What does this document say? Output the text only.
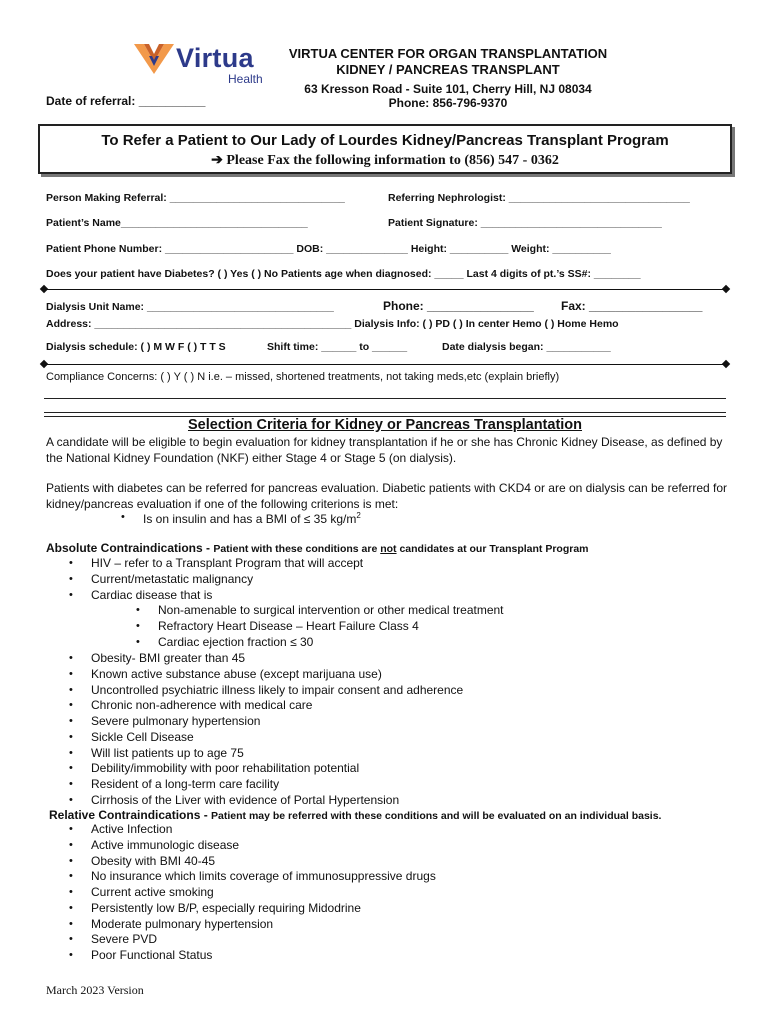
Virtua
Health
Date of referral: __________
VIRTUA CENTER FOR ORGAN TRANSPLANTATION
KIDNEY / PANCREAS TRANSPLANT
63 Kresson Road - Suite 101, Cherry Hill, NJ 08034
Phone: 856-796-9370
To Refer a Patient to Our Lady of Lourdes Kidney/Pancreas Transplant Program
➔ Please Fax the following information to (856) 547 - 0362
Person Making Referral: ______________________________	Referring Nephrologist: _______________________________
Patient’s Name________________________________	Patient Signature: _______________________________
Patient Phone Number: ______________________ DOB: ______________ Height: __________ Weight: __________
Does your patient have Diabetes? ( ) Yes ( ) No Patients age when diagnosed: _____ Last 4 digits of pt.’s SS#: ________
Dialysis Unit Name: ________________________________	Phone: ________________ Fax: _________________
Address: ____________________________________________ Dialysis Info: ( ) PD ( ) In center Hemo ( ) Home Hemo
Dialysis schedule: ( ) M W F ( ) T T S	Shift time: ______ to ______	Date dialysis began: ___________
Compliance Concerns: ( ) Y ( ) N i.e. – missed, shortened treatments, not taking meds,etc (explain briefly)
Selection Criteria for Kidney or Pancreas Transplantation
A candidate will be eligible to begin evaluation for kidney transplantation if he or she has Chronic Kidney Disease, as defined by the National Kidney Foundation (NKF) either Stage 4 or Stage 5 (on dialysis).
Patients with diabetes can be referred for pancreas evaluation. Diabetic patients with CKD4 or are on dialysis can be referred for kidney/pancreas evaluation if one of the following criterions is met:
• Is on insulin and has a BMI of ≤ 35 $kg/m^2$
Absolute Contraindications - Patient with these conditions are not candidates at our Transplant Program
• HIV – refer to a Transplant Program that will accept
• Current/metastatic malignancy
• Cardiac disease that is
• Non-amenable to surgical intervention or other medical treatment
• Refractory Heart Disease – Heart Failure Class 4
• Cardiac ejection fraction ≤ 30
• Obesity- BMI greater than 45
• Known active substance abuse (except marijuana use)
• Uncontrolled psychiatric illness likely to impair consent and adherence
• Chronic non-adherence with medical care
• Severe pulmonary hypertension
• Sickle Cell Disease
• Will list patients up to age 75
• Debility/immobility with poor rehabilitation potential
• Resident of a long-term care facility
• Cirrhosis of the Liver with evidence of Portal Hypertension
Relative Contraindications - Patient may be referred with these conditions and will be evaluated on an individual basis.
• Active Infection
• Active immunologic disease
• Obesity with BMI 40-45
• No insurance which limits coverage of immunosuppressive drugs
• Current active smoking
• Persistently low B/P, especially requiring Midodrine
• Moderate pulmonary hypertension
• Severe PVD
• Poor Functional Status
March 2023 Version
